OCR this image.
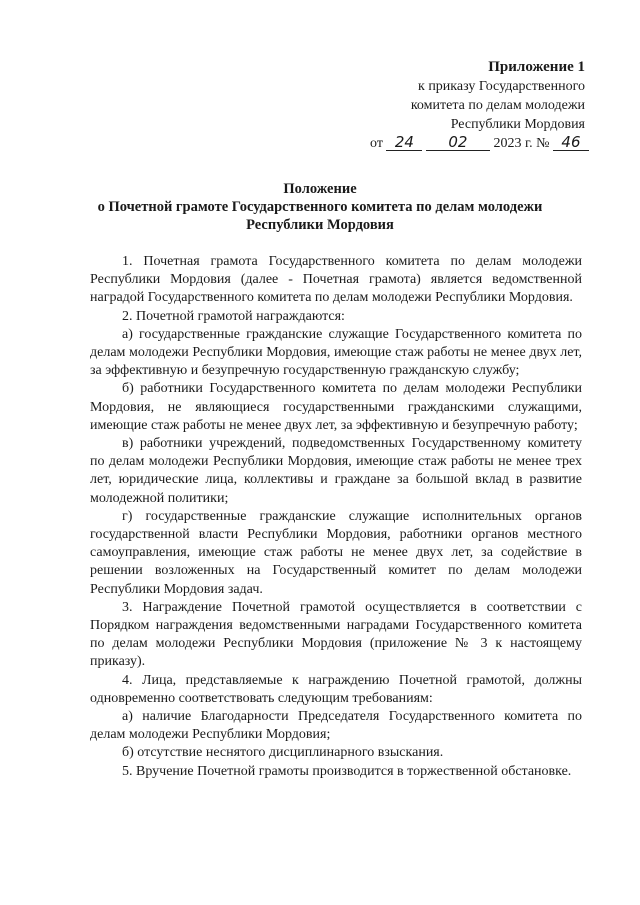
Приложение 1
к приказу Государственного
комитета по делам молодежи
Республики Мордовия
от 24 02 2023 г. № 46
Положение
о Почетной грамоте Государственного комитета по делам молодежи
Республики Мордовия

1. Почетная грамота Государственного комитета по делам молодежи Республики Мордовия (далее - Почетная грамота) является ведомственной наградой Государственного комитета по делам молодежи Республики Мордовия.

2. Почетной грамотой награждаются:

а) государственные гражданские служащие Государственного комитета по делам молодежи Республики Мордовия, имеющие стаж работы не менее двух лет, за эффективную и безупречную государственную гражданскую службу;

б) работники Государственного комитета по делам молодежи Республики Мордовия, не являющиеся государственными гражданскими служащими, имеющие стаж работы не менее двух лет, за эффективную и безупречную работу;

в) работники учреждений, подведомственных Государственному комитету по делам молодежи Республики Мордовия, имеющие стаж работы не менее трех лет, юридические лица, коллективы и граждане за большой вклад в развитие молодежной политики;

г) государственные гражданские служащие исполнительных органов государственной власти Республики Мордовия, работники органов местного самоуправления, имеющие стаж работы не менее двух лет, за содействие в решении возложенных на Государственный комитет по делам молодежи Республики Мордовия задач.

3. Награждение Почетной грамотой осуществляется в соответствии с Порядком награждения ведомственными наградами Государственного комитета по делам молодежи Республики Мордовия (приложение № 3 к настоящему приказу).

4. Лица, представляемые к награждению Почетной грамотой, должны одновременно соответствовать следующим требованиям:

а) наличие Благодарности Председателя Государственного комитета по делам молодежи Республики Мордовия;

б) отсутствие неснятого дисциплинарного взыскания.

5. Вручение Почетной грамоты производится в торжественной обстановке.
